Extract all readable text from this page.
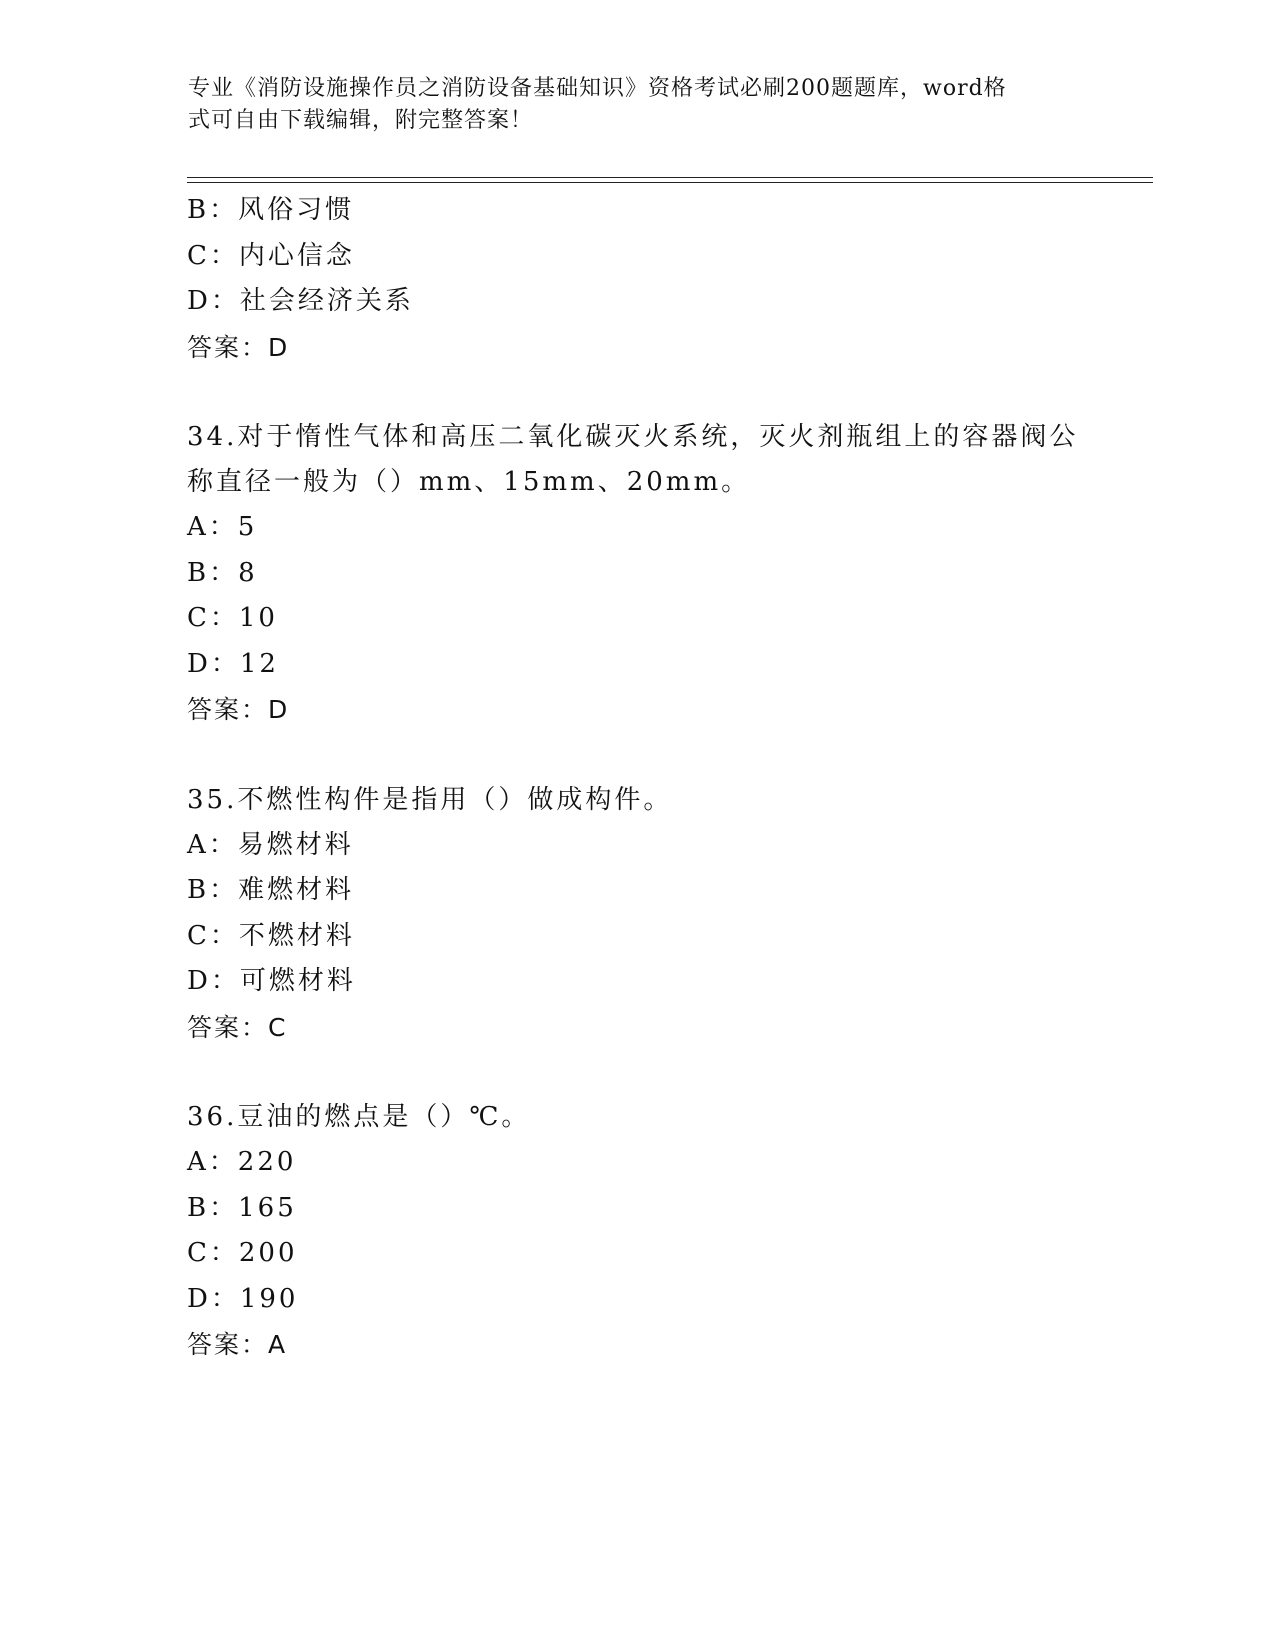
专业《消防设施操作员之消防设备基础知识》资格考试必刷200题题库，word格
式可自由下载编辑，附完整答案！
B：风俗习惯
C：内心信念
D：社会经济关系
答案：D
34.对于惰性气体和高压二氧化碳灭火系统，灭火剂瓶组上的容器阀公
称直径一般为（）mm、15mm、20mm。
A：5
B：8
C：10
D：12
答案：D
35.不燃性构件是指用（）做成构件。
A：易燃材料
B：难燃材料
C：不燃材料
D：可燃材料
答案：C
36.豆油的燃点是（）℃。
A：220
B：165
C：200
D：190
答案：A
